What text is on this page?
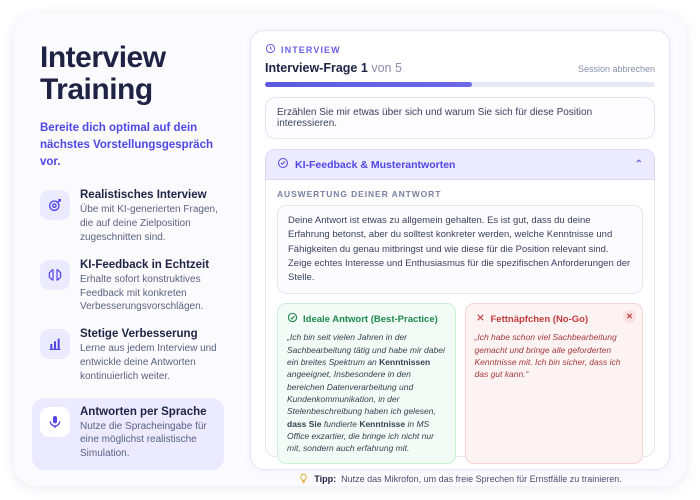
Interview
Training
Bereite dich optimal auf dein nächstes Vorstellungsgespräch vor.
Realistisches Interview
Übe mit KI-generierten Fragen, die auf deine Zielposition zugeschnitten sind.
KI-Feedback in Echtzeit
Erhalte sofort konstruktives Feedback mit konkreten Verbesserungsvorschlägen.
Stetige Verbesserung
Lerne aus jedem Interview und entwickle deine Antworten kontinuierlich weiter.
Antworten per Sprache
Nutze die Spracheingabe für eine möglichst realistische Simulation.
INTERVIEW
Interview-Frage 1 von 5	Session abbrechen
Erzählen Sie mir etwas über sich und warum Sie sich für diese Position interessieren.
KI-Feedback & Musterantworten	⌃
AUSWERTUNG DEINER ANTWORT
Deine Antwort ist etwas zu allgemein gehalten. Es ist gut, dass du deine Erfahrung betonst, aber du solltest konkreter werden, welche Kenntnisse und Fähigkeiten du genau mitbringst und wie diese für die Position relevant sind. Zeige echtes Interesse und Enthusiasmus für die spezifischen Anforderungen der Stelle.
Ideale Antwort (Best-Practice)
„Ich bin seit vielen Jahren in der Sachbearbeitung tätig und habe mir dabei ein breites Spektrum an Kenntnissen angeeignet, Insbesondere in den bereichen Datenverarbeitung und Kundenkommunikation, in der Stelenbeschreibung haben ich gelesen, dass Sie fundierte Kenntnisse in MS Office exzartier, die bringe ich nicht nur mit, sondern auch erfahrung mit.
✕
Fettnäpfchen (No-Go)
„Ich habe schon viel Sachbearbeitung gemacht und bringe alle geforderten Kenntnisse mit. Ich bin sicher, dass ich das gut kann.“
Tipp: Nutze das Mikrofon, um das freie Sprechen für Ernstfälle zu trainieren.
